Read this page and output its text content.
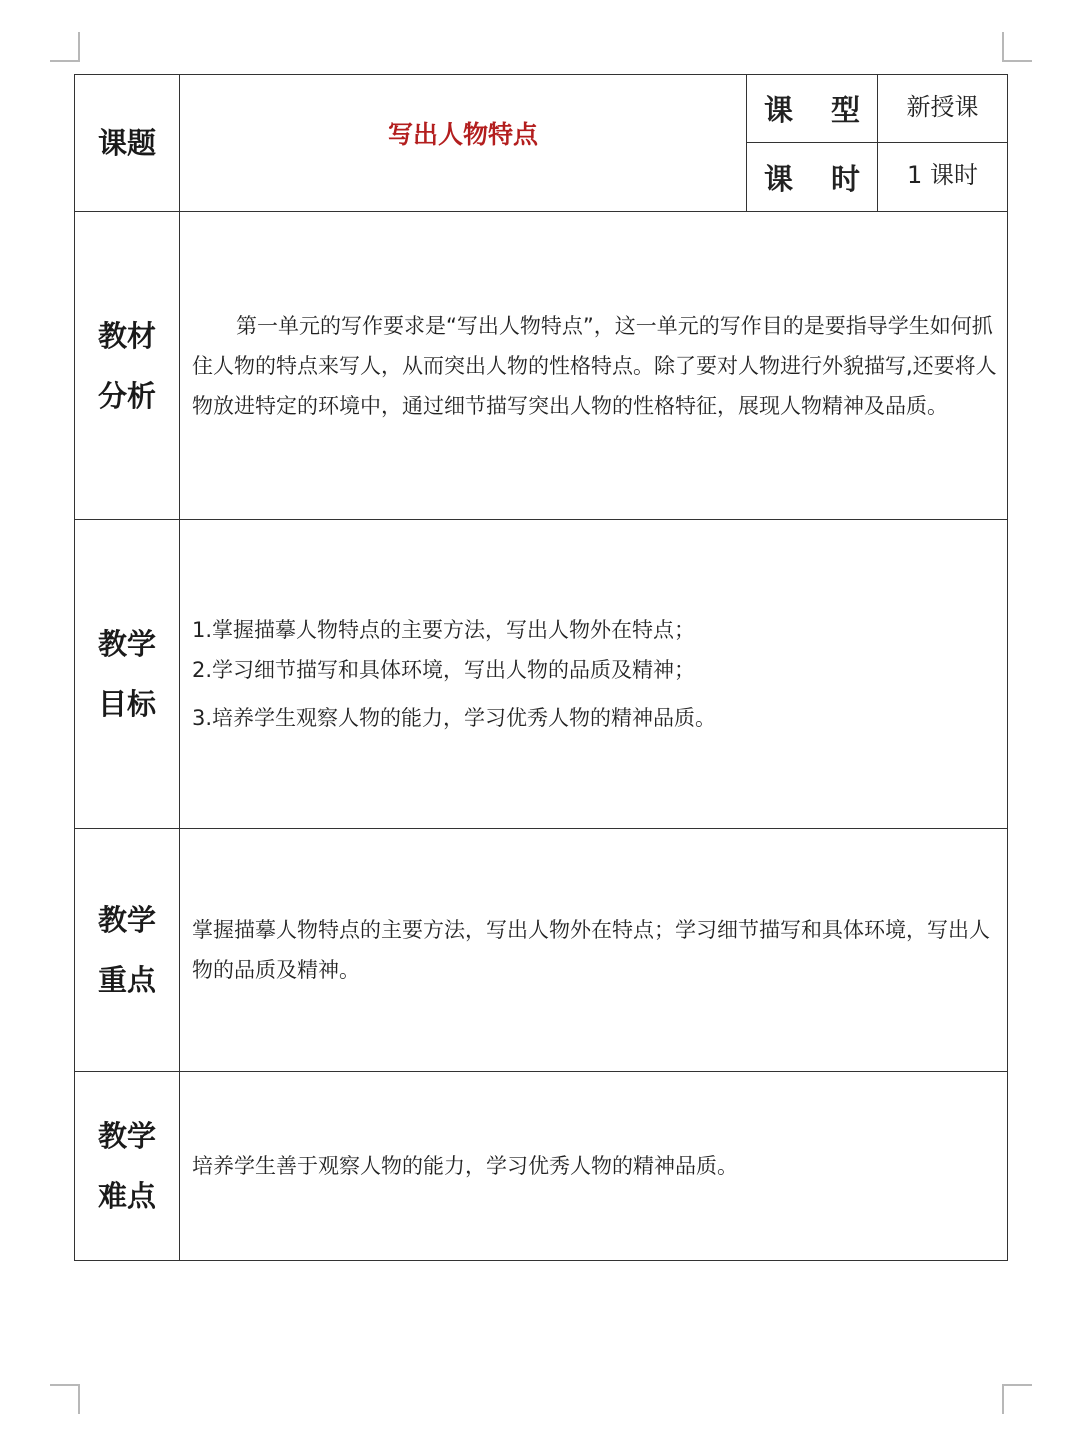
课题	写出人物特点	课 型	新授课
		课 时	1 课时

教材
分析	第一单元的写作要求是“写出人物特点”，这一单元的写作目的是要指导学生如何抓住人物的特点来写人，从而突出人物的性格特点。除了要对人物进行外貌描写,还要将人物放进特定的环境中，通过细节描写突出人物的性格特征，展现人物精神及品质。		

教学
目标	1.掌握描摹人物特点的主要方法，写出人物外在特点；
2.学习细节描写和具体环境，写出人物的品质及精神；
3.培养学生观察人物的能力，学习优秀人物的精神品质。		

教学
重点	掌握描摹人物特点的主要方法，写出人物外在特点；学习细节描写和具体环境，写出人物的品质及精神。		

教学
难点	培养学生善于观察人物的能力，学习优秀人物的精神品质。		
